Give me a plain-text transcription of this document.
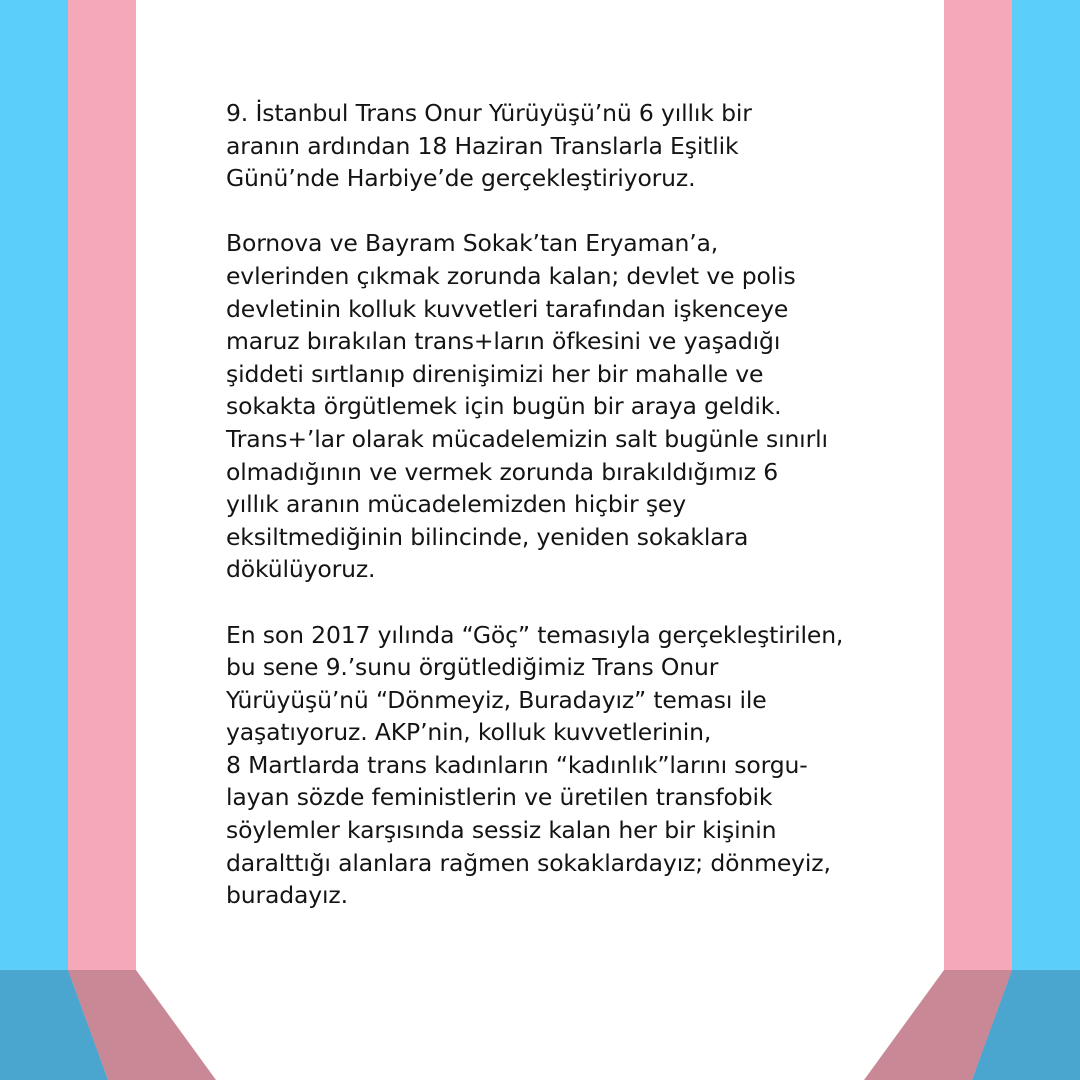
9. İstanbul Trans Onur Yürüyüşü’nü 6 yıllık bir
aranın ardından 18 Haziran Translarla Eşitlik
Günü’nde Harbiye’de gerçekleştiriyoruz.

Bornova ve Bayram Sokak’tan Eryaman’a,
evlerinden çıkmak zorunda kalan; devlet ve polis
devletinin kolluk kuvvetleri tarafından işkenceye
maruz bırakılan trans+ların öfkesini ve yaşadığı
şiddeti sırtlanıp direnişimizi her bir mahalle ve
sokakta örgütlemek için bugün bir araya geldik.
Trans+’lar olarak mücadelemizin salt bugünle sınırlı
olmadığının ve vermek zorunda bırakıldığımız 6
yıllık aranın mücadelemizden hiçbir şey
eksiltmediğinin bilincinde, yeniden sokaklara
dökülüyoruz.

En son 2017 yılında “Göç” temasıyla gerçekleştirilen,
bu sene 9.’sunu örgütlediğimiz Trans Onur
Yürüyüşü’nü “Dönmeyiz, Buradayız” teması ile
yaşatıyoruz. AKP’nin, kolluk kuvvetlerinin,
8 Martlarda trans kadınların “kadınlık”larını sorgu-
layan sözde feministlerin ve üretilen transfobik
söylemler karşısında sessiz kalan her bir kişinin
daralttığı alanlara rağmen sokaklardayız; dönmeyiz,
buradayız.
